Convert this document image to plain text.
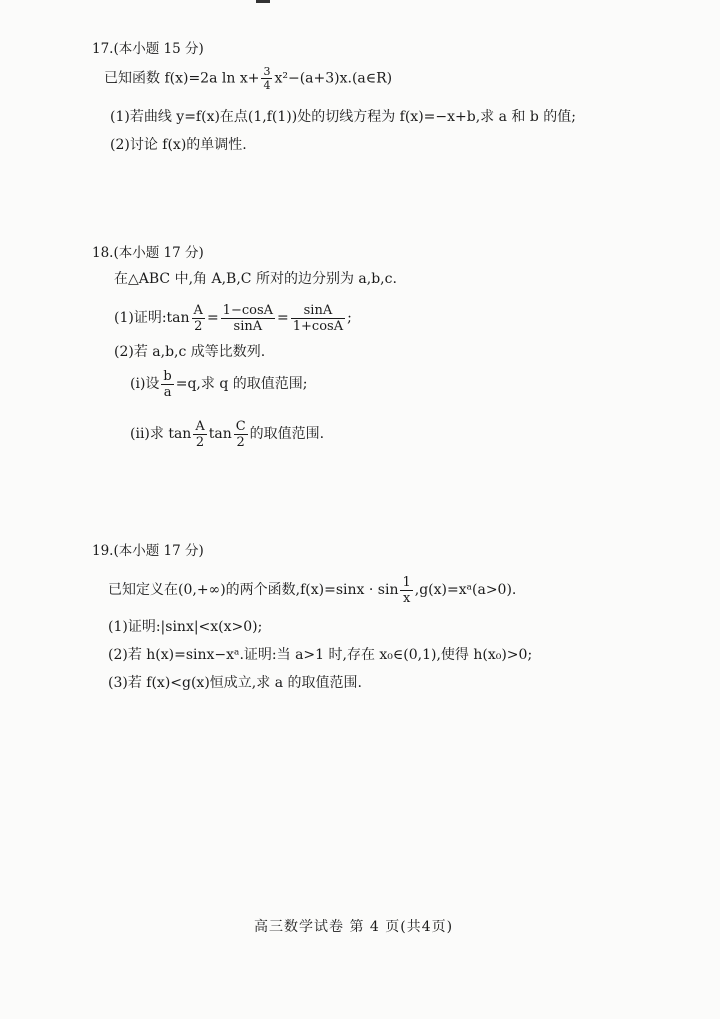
17.(本小题 15 分)
已知函数 f(x)=2a $\ln x+ \frac{3}{4}$ x²−(a+3)x.(a∈R)
(1)若曲线 y=f(x)在点(1,f(1))处的切线方程为 f(x)=−x+b,求 a 和 b 的值;
(2)讨论 f(x)的单调性.
18.(本小题 17 分)
在△ABC 中,角 A,B,C 所对的边分别为 a,b,c.
(1)证明:tan $\frac{A}{2} = \frac{1-\cos A}{\sin A} = \frac{\sin A}{1+\cos A}$ ;
(2)若 a,b,c 成等比数列.
(i)设 $\frac{b}{a} =q$,求 q 的取值范围;
(ii)求 $\tan \frac{A}{2}$ $\tan \frac{C}{2}$ 的取值范围.
19.(本小题 17 分)
已知定义在(0,+∞)的两个函数$,f(x)=\sin x \cdot \sin \frac{1}{x}$ ,g(x)=xᵃ(a>0).
(1)证明:|sinx|<x(x>0);
(2)若 h(x)=sinx−xᵃ.证明:当 a>1 时,存在 x₀∈(0,1),使得 h(x₀)>0;
(3)若 f(x)<g(x)恒成立,求 a 的取值范围.
高三数学试卷 第 4 页(共4页)
